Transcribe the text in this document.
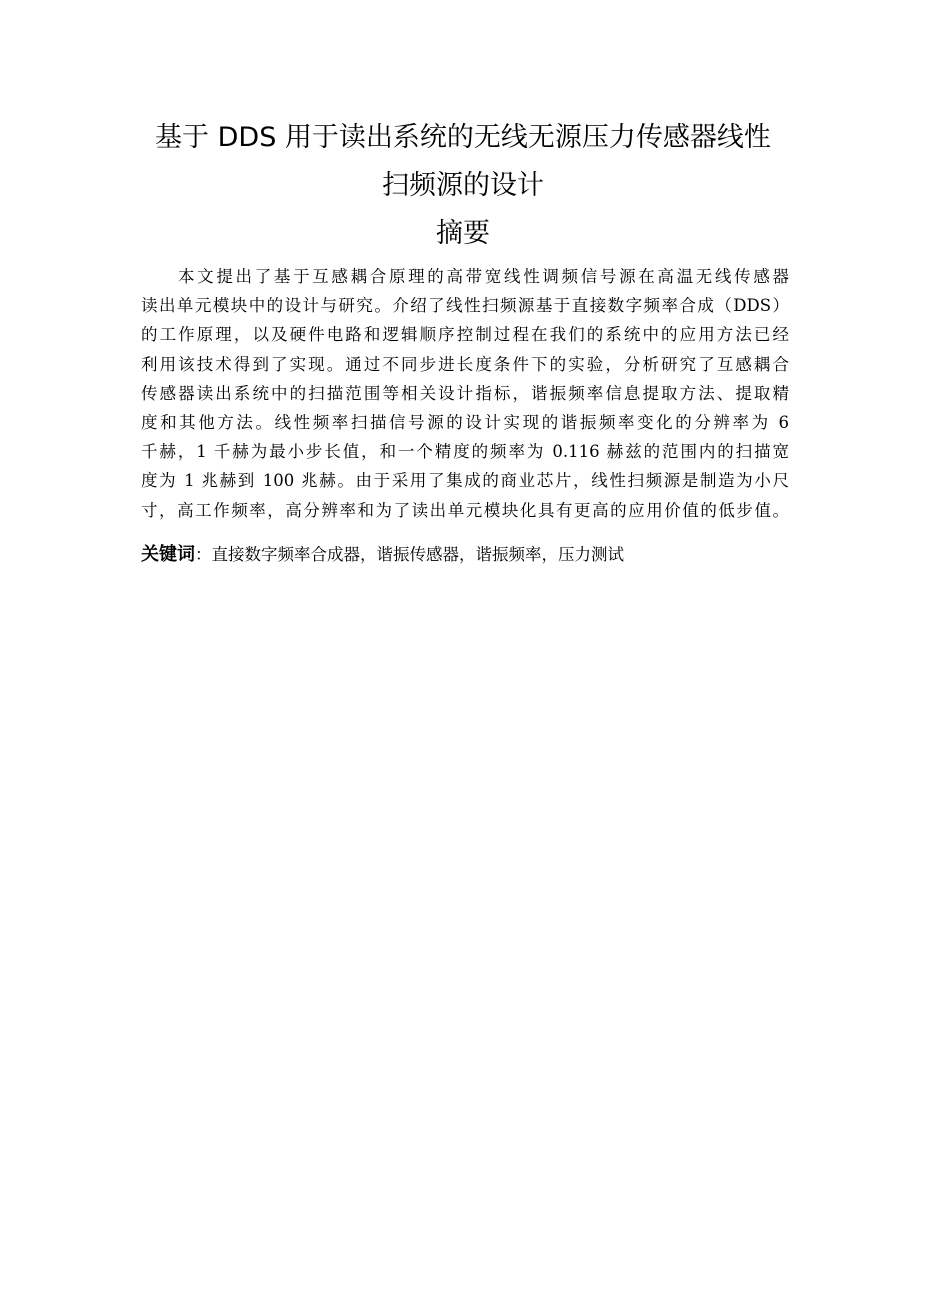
基于 DDS 用于读出系统的无线无源压力传感器线性
扫频源的设计
摘要
本文提出了基于互感耦合原理的高带宽线性调频信号源在高温无线传感器
读出单元模块中的设计与研究。介绍了线性扫频源基于直接数字频率合成（DDS）
的工作原理，以及硬件电路和逻辑顺序控制过程在我们的系统中的应用方法已经
利用该技术得到了实现。通过不同步进长度条件下的实验，分析研究了互感耦合
传感器读出系统中的扫描范围等相关设计指标，谐振频率信息提取方法、提取精
度和其他方法。线性频率扫描信号源的设计实现的谐振频率变化的分辨率为 6
千赫，1 千赫为最小步长值，和一个精度的频率为 0.116 赫兹的范围内的扫描宽
度为 1 兆赫到 100 兆赫。由于采用了集成的商业芯片，线性扫频源是制造为小尺
寸，高工作频率，高分辨率和为了读出单元模块化具有更高的应用价值的低步值。
关键词：直接数字频率合成器，谐振传感器，谐振频率，压力测试
